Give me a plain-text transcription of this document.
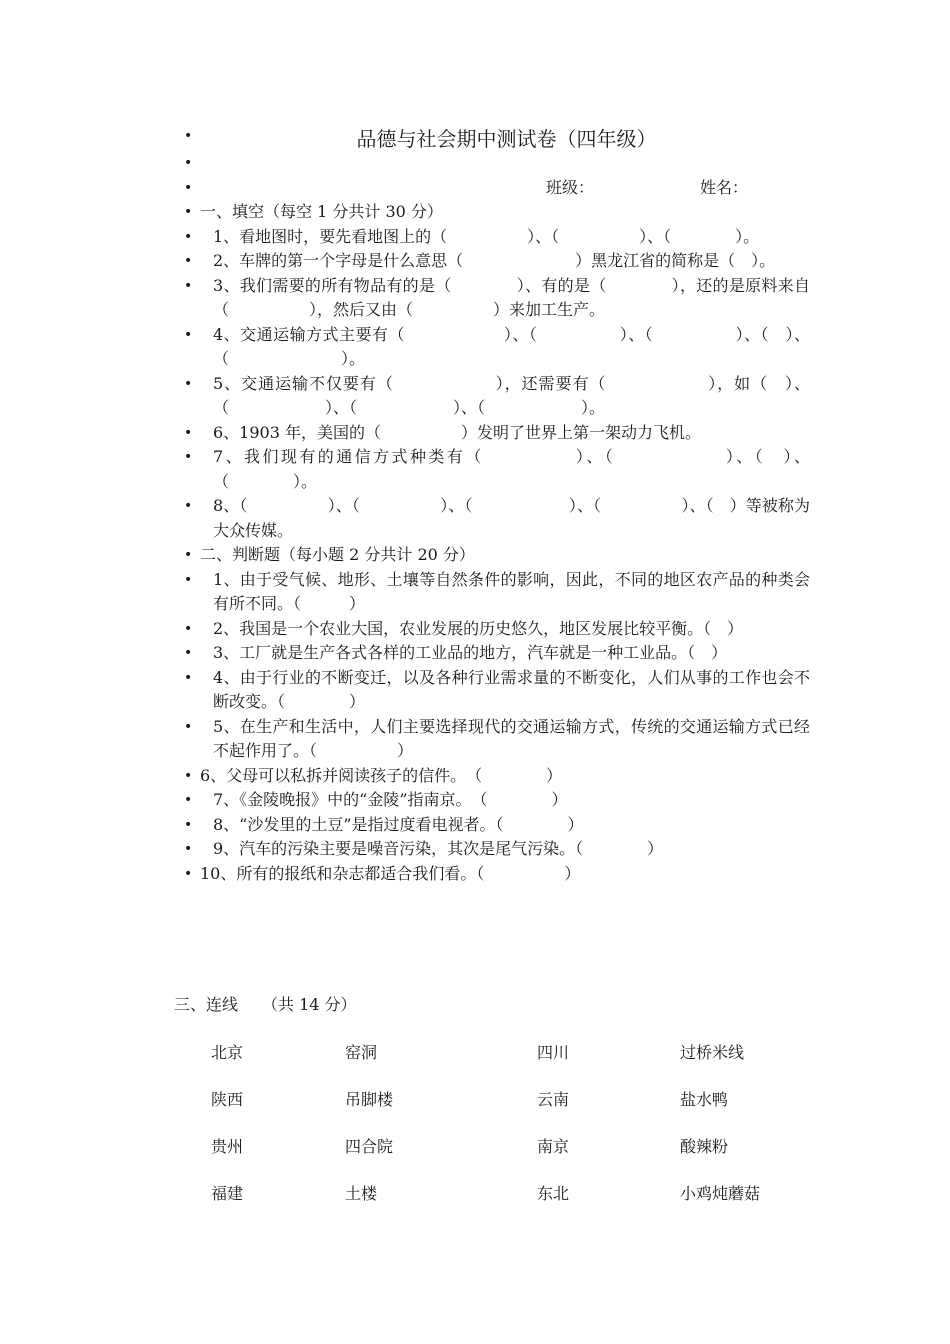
• 品德与社会期中测试卷（四年级）
•

• 班级：	姓名：
• 一、填空（每空 1 分共计 30 分）
• 1、看地图时，要先看地图上的（　　　　　）、（　　　　　）、（　　　　）。
• 2、车牌的第一个字母是什么意思（　　　　　　　）黑龙江省的简称是（　）。
• 3、我们需要的所有物品有的是（　　　　）、有的是（　　　　），还的是原料来自（　　　　　），然后又由（　　　　　）来加工生产。
• 4、交通运输方式主要有（　　　　　　）、（　　　　　）、（　　　　　）、（　）、（　　　　　　　）。
• 5、交通运输不仅要有（　　　　　　），还需要有（　　　　　　），如（　）、（　　　　　　）、（　　　　　　）、（　　　　　　）。
• 6、1903 年，美国的（　　　　　）发明了世界上第一架动力飞机。
• 7、我们现有的通信方式种类有（　　　　　）、（　　　　　　）、（　）、（　　　　）。
• 8、（　　　　　）、（　　　　　）、（　　　　　　）、（　　　　　）、（　）等被称为大众传媒。
• 二、判断题（每小题 2 分共计 20 分）
• 1、由于受气候、地形、土壤等自然条件的影响，因此，不同的地区农产品的种类会有所不同。（　　　）
• 2、我国是一个农业大国，农业发展的历史悠久，地区发展比较平衡。（　）
• 3、工厂就是生产各式各样的工业品的地方，汽车就是一种工业品。（　）
• 4、由于行业的不断变迁，以及各种行业需求量的不断变化，人们从事的工作也会不断改变。（　　　　）
• 5、在生产和生活中，人们主要选择现代的交通运输方式，传统的交通运输方式已经不起作用了。（　　　　　）
• 6、父母可以私拆并阅读孩子的信件。　（　　　　）
• 7、《金陵晚报》中的“金陵”指南京。　（　　　　）
• 8、“沙发里的土豆”是指过度看电视者。（　　　　）
• 9、汽车的污染主要是噪音污染，其次是尾气污染。（　　　　）
• 10、所有的报纸和杂志都适合我们看。（　　　　　）
三、连线　　（共 14 分）
北京	窑洞	四川	过桥米线
陕西	吊脚楼	云南	盐水鸭
贵州	四合院	南京	酸辣粉
福建	土楼	东北	小鸡炖蘑菇
